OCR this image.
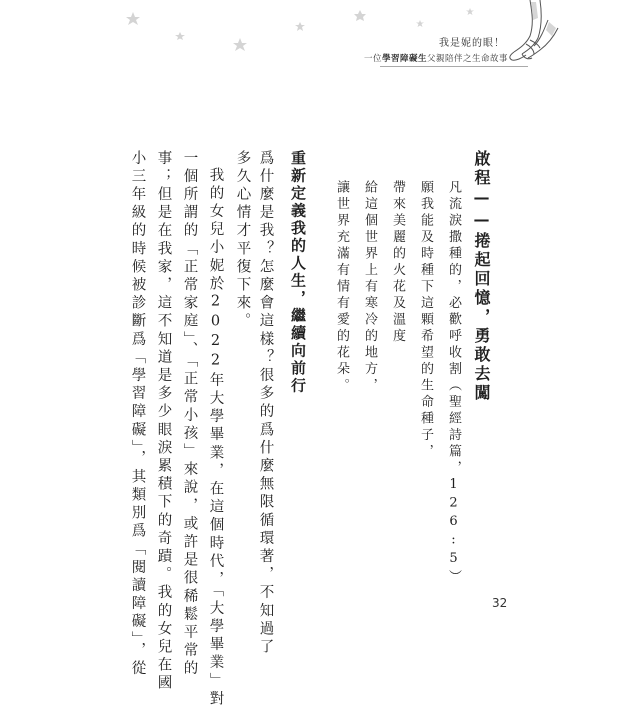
我是妮的眼！
一位學習障礙生父親陪伴之生命故事
啟程——捲起回憶，勇敢去闖
凡流淚撒種的，必歡呼收割（聖經詩篇，126:5）
願我能及時種下這顆希望的生命種子，
帶來美麗的火花及溫度
給這個世界上有寒冷的地方，
讓世界充滿有情有愛的花朵。
重新定義我的人生，繼續向前行
爲什麼是我？怎麼會這樣？很多的爲什麼無限循環著，不知過了
多久心情才平復下來。
我的女兒小妮於2022年大學畢業，在這個時代，「大學畢業」對
一個所謂的「正常家庭」、「正常小孩」來說，或許是很稀鬆平常的
事；但是在我家，這不知道是多少眼淚累積下的奇蹟。我的女兒在國
小三年級的時候被診斷爲「學習障礙」，其類別爲「閱讀障礙」，從	32
